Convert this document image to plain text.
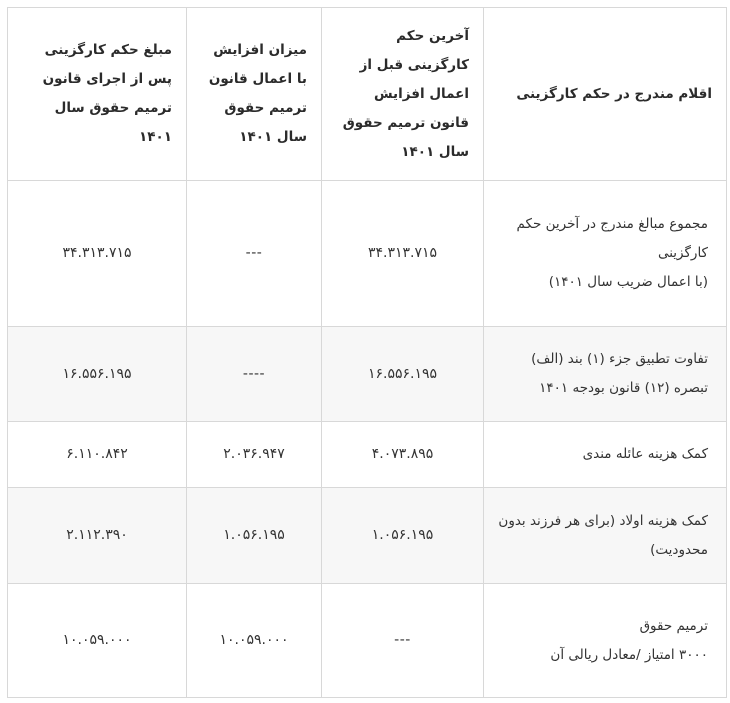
اقلام مندرج در حکم کارگزینی	آخرین حکم کارگزینی قبل از اعمال افزایش قانون ترمیم حقوق سال ۱۴۰۱	میزان افزایش با اعمال قانون ترمیم حقوق سال ۱۴۰۱	مبلغ حکم کارگزینی پس از اجرای قانون ترمیم حقوق سال ۱۴۰۱

مجموع مبالغ مندرج در آخرین حکم کارگزینی
(با اعمال ضریب سال ۱۴۰۱)	۳۴.۳۱۳.۷۱۵	---	۳۴.۳۱۳.۷۱۵

تفاوت تطبیق جزء (۱) بند (الف) تبصره (۱۲) قانون بودجه ۱۴۰۱	۱۶.۵۵۶.۱۹۵	----	۱۶.۵۵۶.۱۹۵

کمک هزینه عائله مندی	۴.۰۷۳.۸۹۵	۲.۰۳۶.۹۴۷	۶.۱۱۰.۸۴۲

کمک هزینه اولاد (برای هر فرزند بدون محدودیت)	۱.۰۵۶.۱۹۵	۱.۰۵۶.۱۹۵	۲.۱۱۲.۳۹۰

ترمیم حقوق
۳۰۰۰ امتیاز /معادل ریالی آن	---	۱۰.۰۵۹.۰۰۰	۱۰.۰۵۹.۰۰۰
